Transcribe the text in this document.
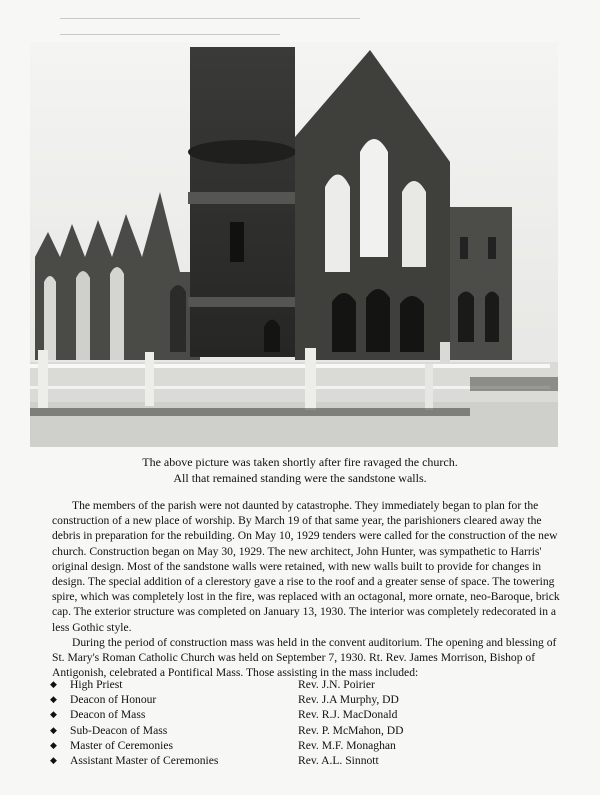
The above picture was taken shortly after fire ravaged the church.
All that remained standing were the sandstone walls.

The members of the parish were not daunted by catastrophe. They immediately began to plan for the construction of a new place of worship. By March 19 of that same year, the parishioners cleared away the debris in preparation for the rebuilding. On May 10, 1929 tenders were called for the construction of the new church. Construction began on May 30, 1929. The new architect, John Hunter, was sympathetic to Harris' original design. Most of the sandstone walls were retained, with new walls built to provide for changes in design. The special addition of a clerestory gave a rise to the roof and a greater sense of space. The towering spire, which was completely lost in the fire, was replaced with an octagonal, more ornate, neo-Baroque, brick cap. The exterior structure was completed on January 13, 1930. The interior was completely redecorated in a less Gothic style.

During the period of construction mass was held in the convent auditorium. The opening and blessing of St. Mary's Roman Catholic Church was held on September 7, 1930. Rt. Rev. James Morrison, Bishop of Antigonish, celebrated a Pontifical Mass. Those assisting in the mass included:

◆ High Priest	Rev. J.N. Poirier
◆ Deacon of Honour	Rev. J.A Murphy, DD
◆ Deacon of Mass	Rev. R.J. MacDonald
◆ Sub-Deacon of Mass	Rev. P. McMahon, DD
◆ Master of Ceremonies	Rev. M.F. Monaghan
◆ Assistant Master of Ceremonies	Rev. A.L. Sinnott
